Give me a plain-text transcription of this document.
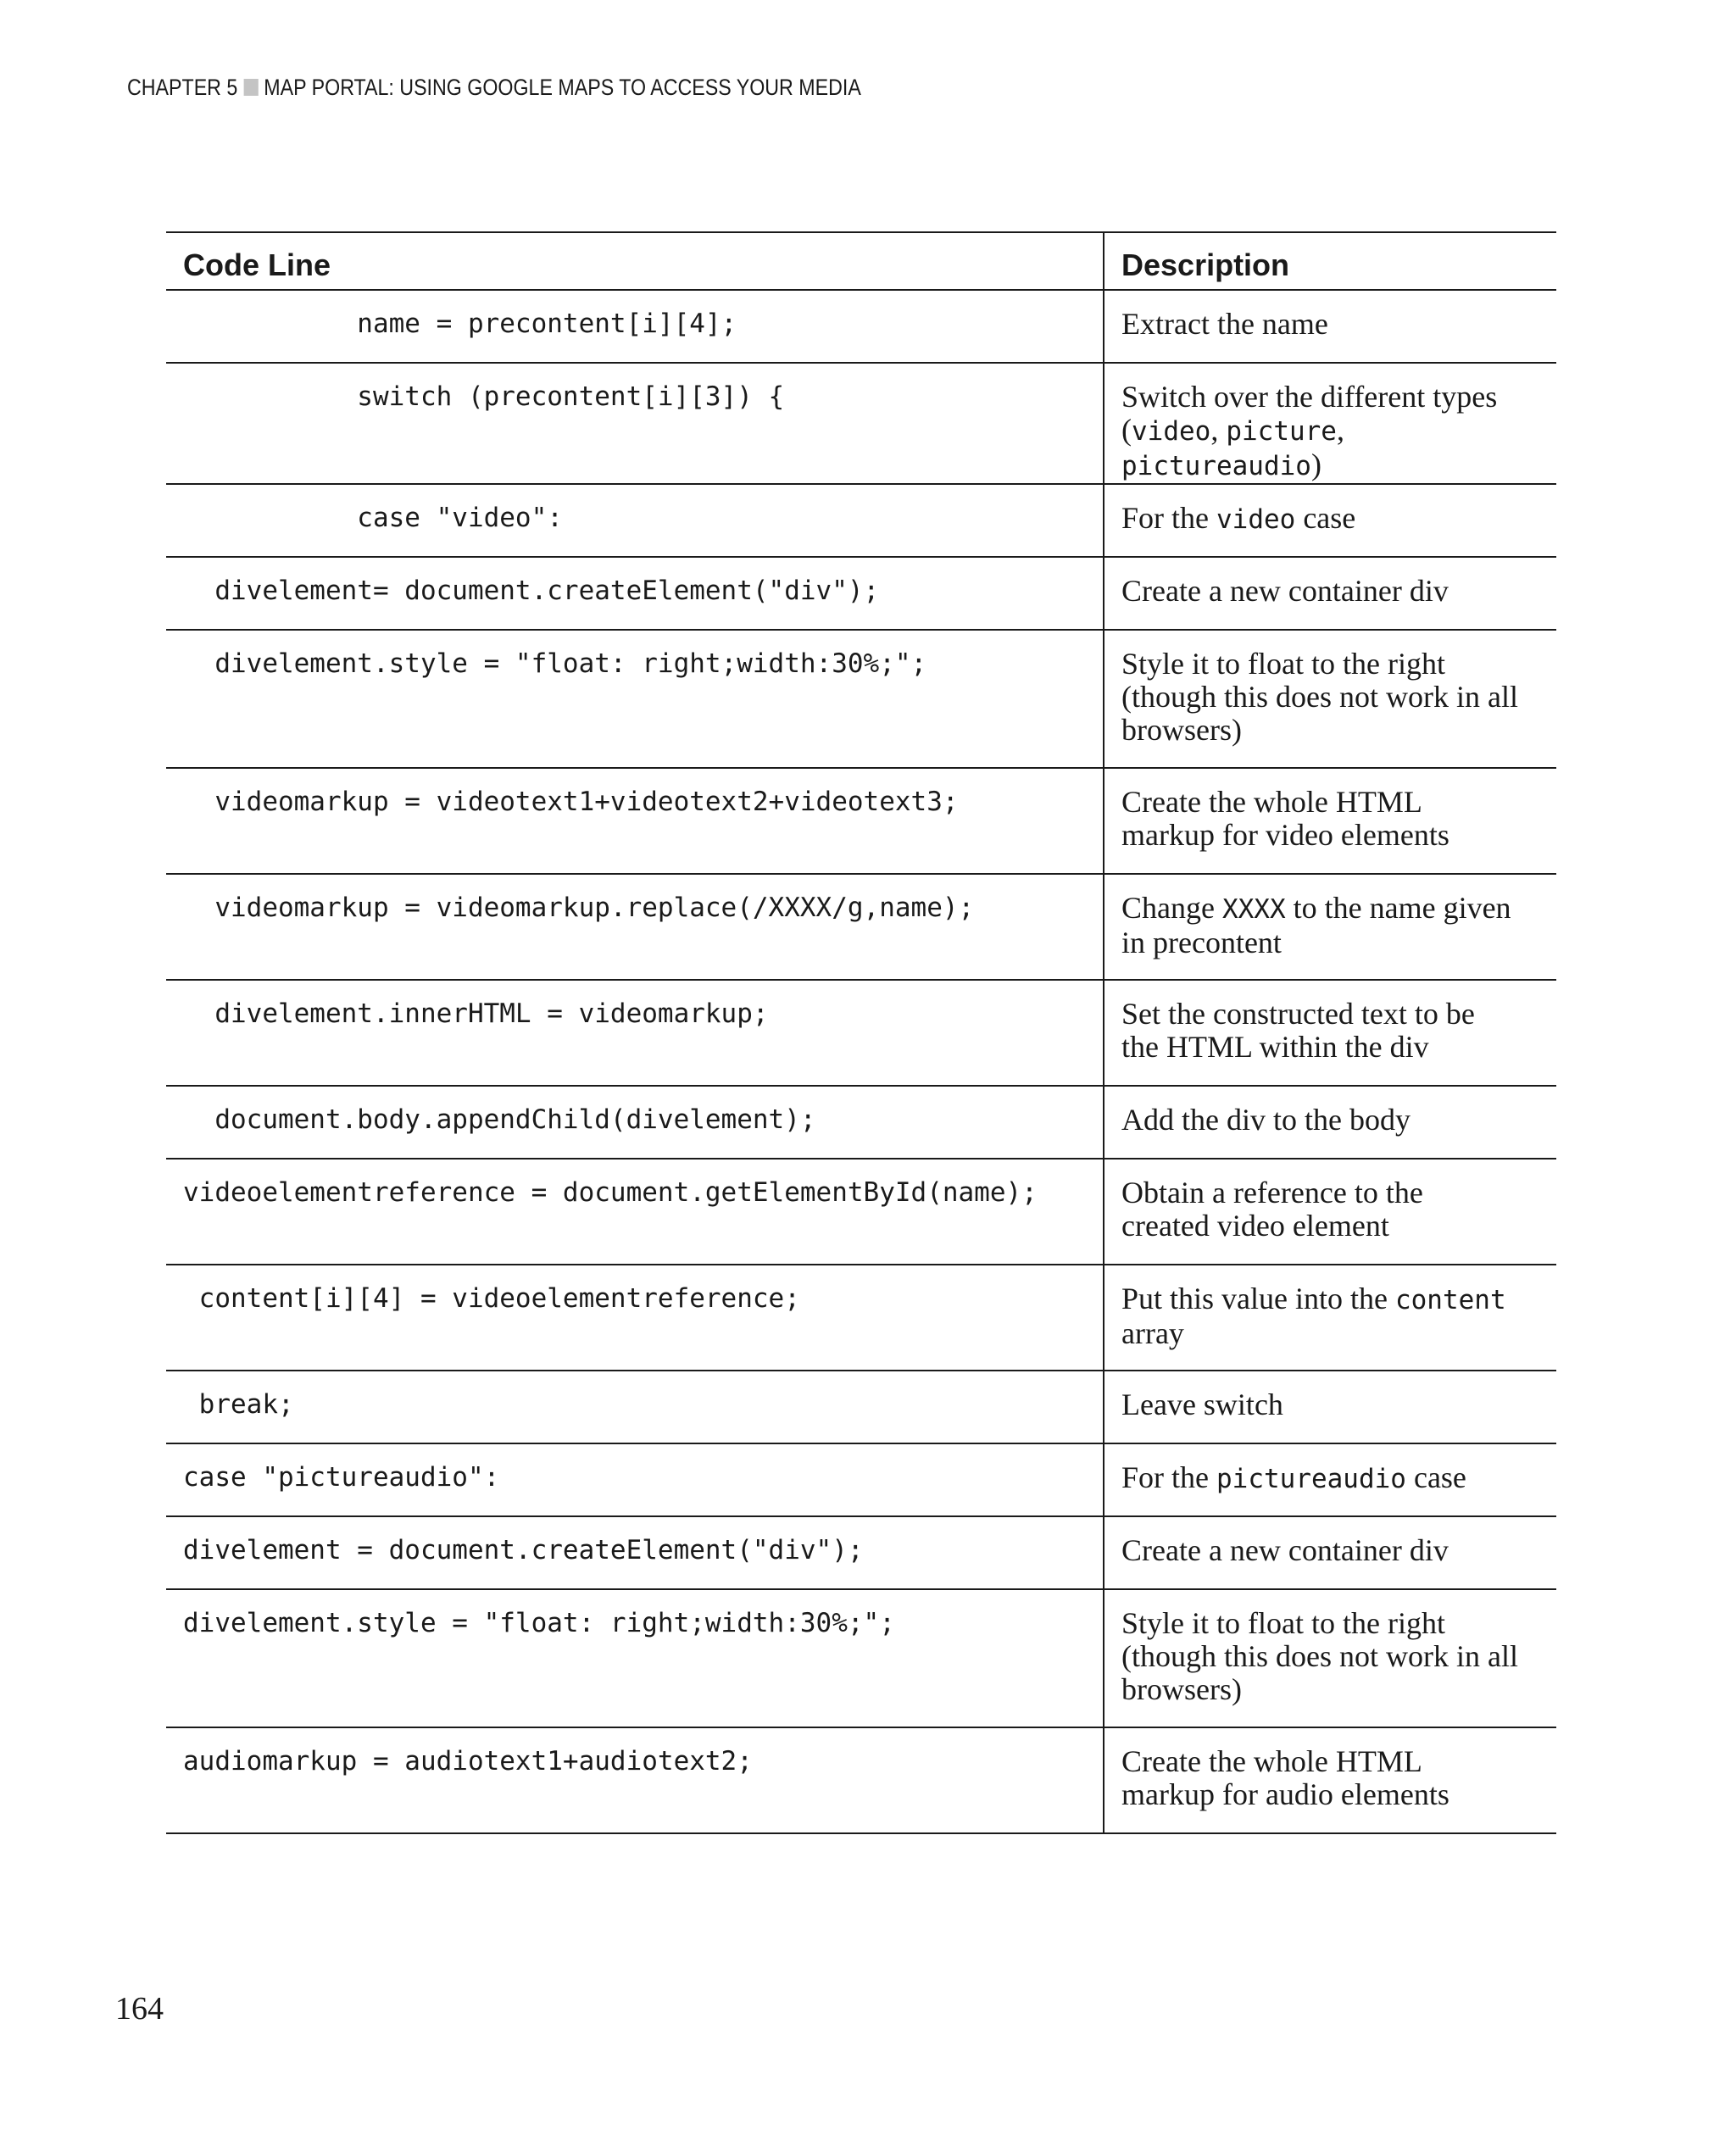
CHAPTER 5 MAP PORTAL: USING GOOGLE MAPS TO ACCESS YOUR MEDIA
Code Line	Description
name = precontent[i][4];	Extract the name
switch (precontent[i][3]) {	Switch over the different types
(video, picture, pictureaudio)
case "video":	For the video case
divelement= document.createElement("div");	Create a new container div
divelement.style = "float: right;width:30%;";	Style it to float to the right
(though this does not work in all
browsers)
videomarkup = videotext1+videotext2+videotext3;	Create the whole HTML
markup for video elements
videomarkup = videomarkup.replace(/XXXX/g,name);	Change XXXX to the name given
in precontent
divelement.innerHTML = videomarkup;	Set the constructed text to be
the HTML within the div
document.body.appendChild(divelement);	Add the div to the body
videoelementreference = document.getElementById(name);	Obtain a reference to the
created video element
content[i][4] = videoelementreference;	Put this value into the content
array
break;	Leave switch
case "pictureaudio":	For the pictureaudio case
divelement = document.createElement("div");	Create a new container div
divelement.style = "float: right;width:30%;";	Style it to float to the right
(though this does not work in all
browsers)
audiomarkup = audiotext1+audiotext2;	Create the whole HTML
markup for audio elements
164
